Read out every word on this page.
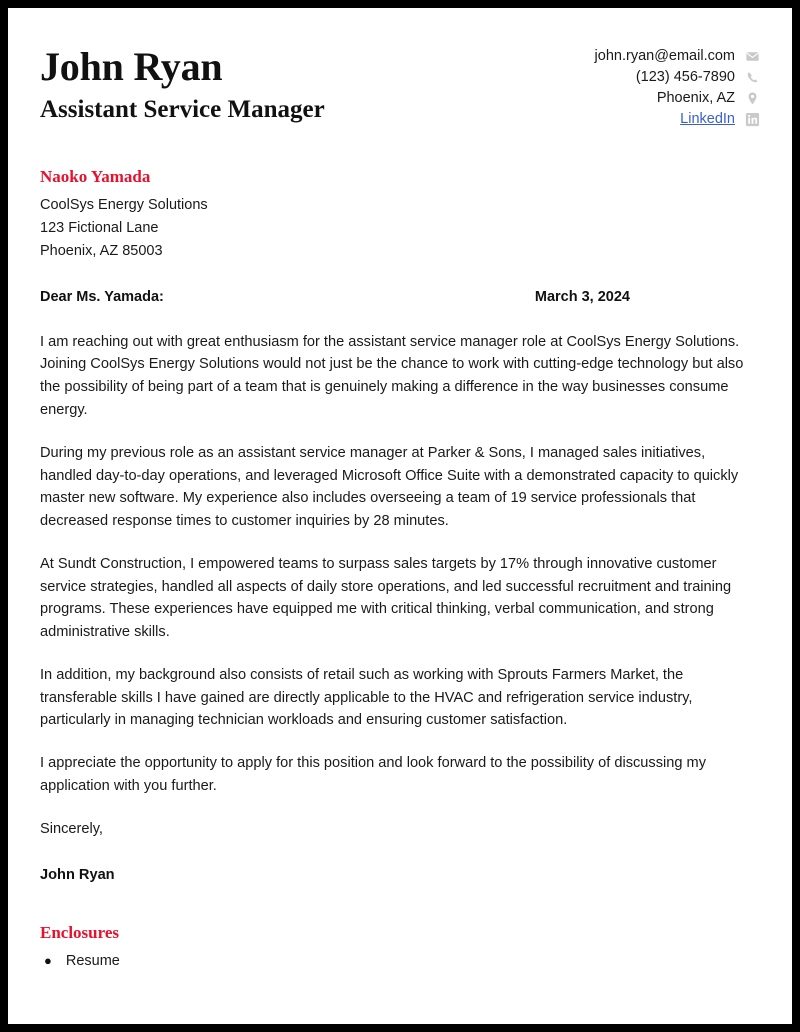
John Ryan
Assistant Service Manager
john.ryan@email.com
(123) 456-7890
Phoenix, AZ
LinkedIn
Naoko Yamada
CoolSys Energy Solutions
123 Fictional Lane
Phoenix, AZ 85003
Dear Ms. Yamada:	March 3, 2024

I am reaching out with great enthusiasm for the assistant service manager role at CoolSys Energy Solutions. Joining CoolSys Energy Solutions would not just be the chance to work with cutting-edge technology but also the possibility of being part of a team that is genuinely making a difference in the way businesses consume energy.

During my previous role as an assistant service manager at Parker & Sons, I managed sales initiatives, handled day-to-day operations, and leveraged Microsoft Office Suite with a demonstrated capacity to quickly master new software. My experience also includes overseeing a team of 19 service professionals that decreased response times to customer inquiries by 28 minutes.

At Sundt Construction, I empowered teams to surpass sales targets by 17% through innovative customer service strategies, handled all aspects of daily store operations, and led successful recruitment and training programs. These experiences have equipped me with critical thinking, verbal communication, and strong administrative skills.

In addition, my background also consists of retail such as working with Sprouts Farmers Market, the transferable skills I have gained are directly applicable to the HVAC and refrigeration service industry, particularly in managing technician workloads and ensuring customer satisfaction.

I appreciate the opportunity to apply for this position and look forward to the possibility of discussing my application with you further.

Sincerely,

John Ryan

Enclosures
● Resume
